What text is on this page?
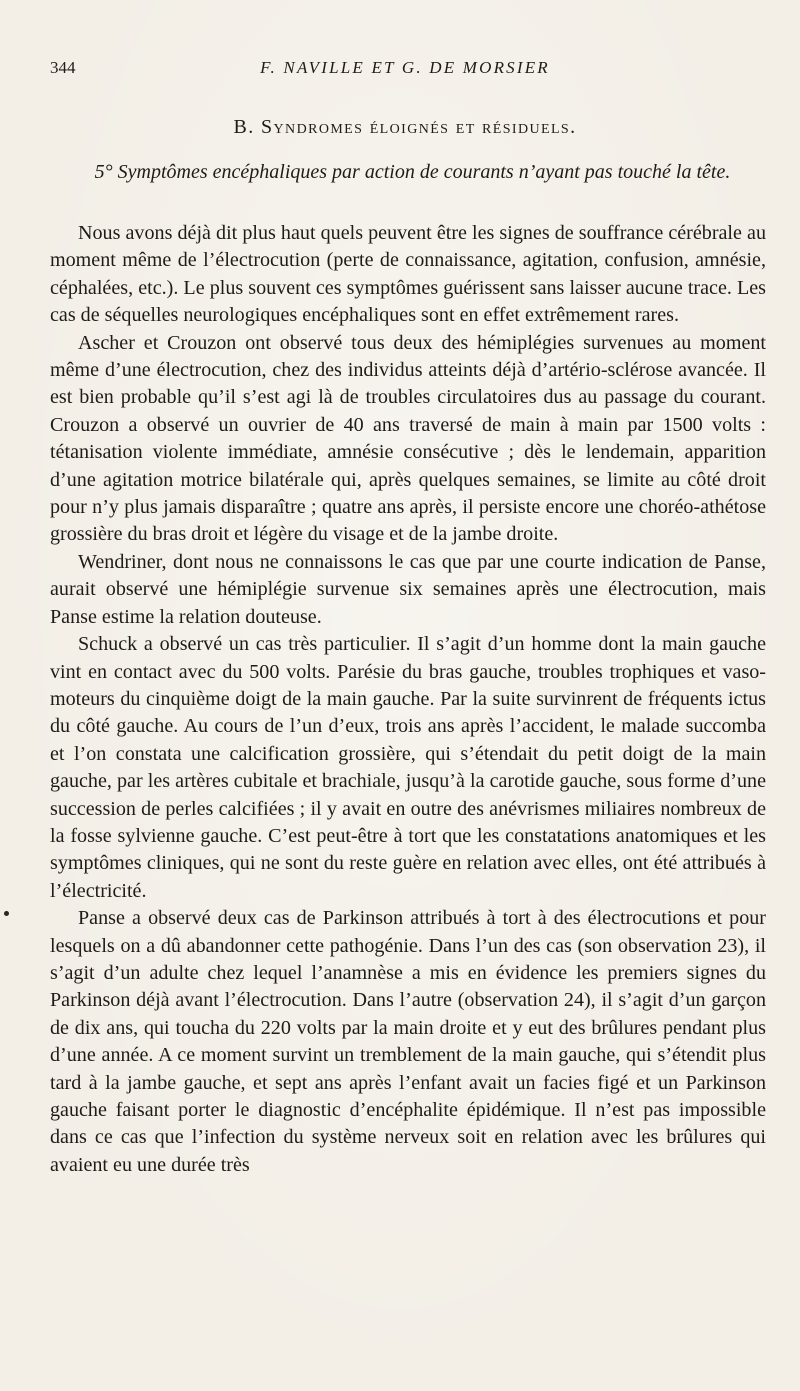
344	F. NAVILLE ET G. DE MORSIER
B. Syndromes éloignés et résiduels.
5° Symptômes encéphaliques par action de courants n’ayant pas touché la tête.

Nous avons déjà dit plus haut quels peuvent être les signes de souffrance cérébrale au moment même de l’électrocution (perte de connaissance, agitation, confusion, amnésie, céphalées, etc.). Le plus souvent ces symptômes guérissent sans laisser aucune trace. Les cas de séquelles neurologiques encéphaliques sont en effet extrêmement rares.

Ascher et Crouzon ont observé tous deux des hémiplégies survenues au moment même d’une électrocution, chez des individus atteints déjà d’artério-sclérose avancée. Il est bien probable qu’il s’est agi là de troubles circulatoires dus au passage du courant. Crouzon a observé un ouvrier de 40 ans traversé de main à main par 1500 volts : tétanisation violente immédiate, amnésie consécutive ; dès le lendemain, apparition d’une agitation motrice bilatérale qui, après quelques semaines, se limite au côté droit pour n’y plus jamais disparaître ; quatre ans après, il persiste encore une choréo-athétose grossière du bras droit et légère du visage et de la jambe droite.

Wendriner, dont nous ne connaissons le cas que par une courte indication de Panse, aurait observé une hémiplégie survenue six semaines après une électrocution, mais Panse estime la relation douteuse.

Schuck a observé un cas très particulier. Il s’agit d’un homme dont la main gauche vint en contact avec du 500 volts. Parésie du bras gauche, troubles trophiques et vaso-moteurs du cinquième doigt de la main gauche. Par la suite survinrent de fréquents ictus du côté gauche. Au cours de l’un d’eux, trois ans après l’accident, le malade succomba et l’on constata une calcification grossière, qui s’étendait du petit doigt de la main gauche, par les artères cubitale et brachiale, jusqu’à la carotide gauche, sous forme d’une succession de perles calcifiées ; il y avait en outre des anévrismes miliaires nombreux de la fosse sylvienne gauche. C’est peut-être à tort que les constatations anatomiques et les symptômes cliniques, qui ne sont du reste guère en relation avec elles, ont été attribués à l’électricité.

Panse a observé deux cas de Parkinson attribués à tort à des électrocutions et pour lesquels on a dû abandonner cette pathogénie. Dans l’un des cas (son observation 23), il s’agit d’un adulte chez lequel l’anamnèse a mis en évidence les premiers signes du Parkinson déjà avant l’électrocution. Dans l’autre (observation 24), il s’agit d’un garçon de dix ans, qui toucha du 220 volts par la main droite et y eut des brûlures pendant plus d’une année. A ce moment survint un tremblement de la main gauche, qui s’étendit plus tard à la jambe gauche, et sept ans après l’enfant avait un facies figé et un Parkinson gauche faisant porter le diagnostic d’encéphalite épidémique. Il n’est pas impossible dans ce cas que l’infection du système nerveux soit en relation avec les brûlures qui avaient eu une durée très
